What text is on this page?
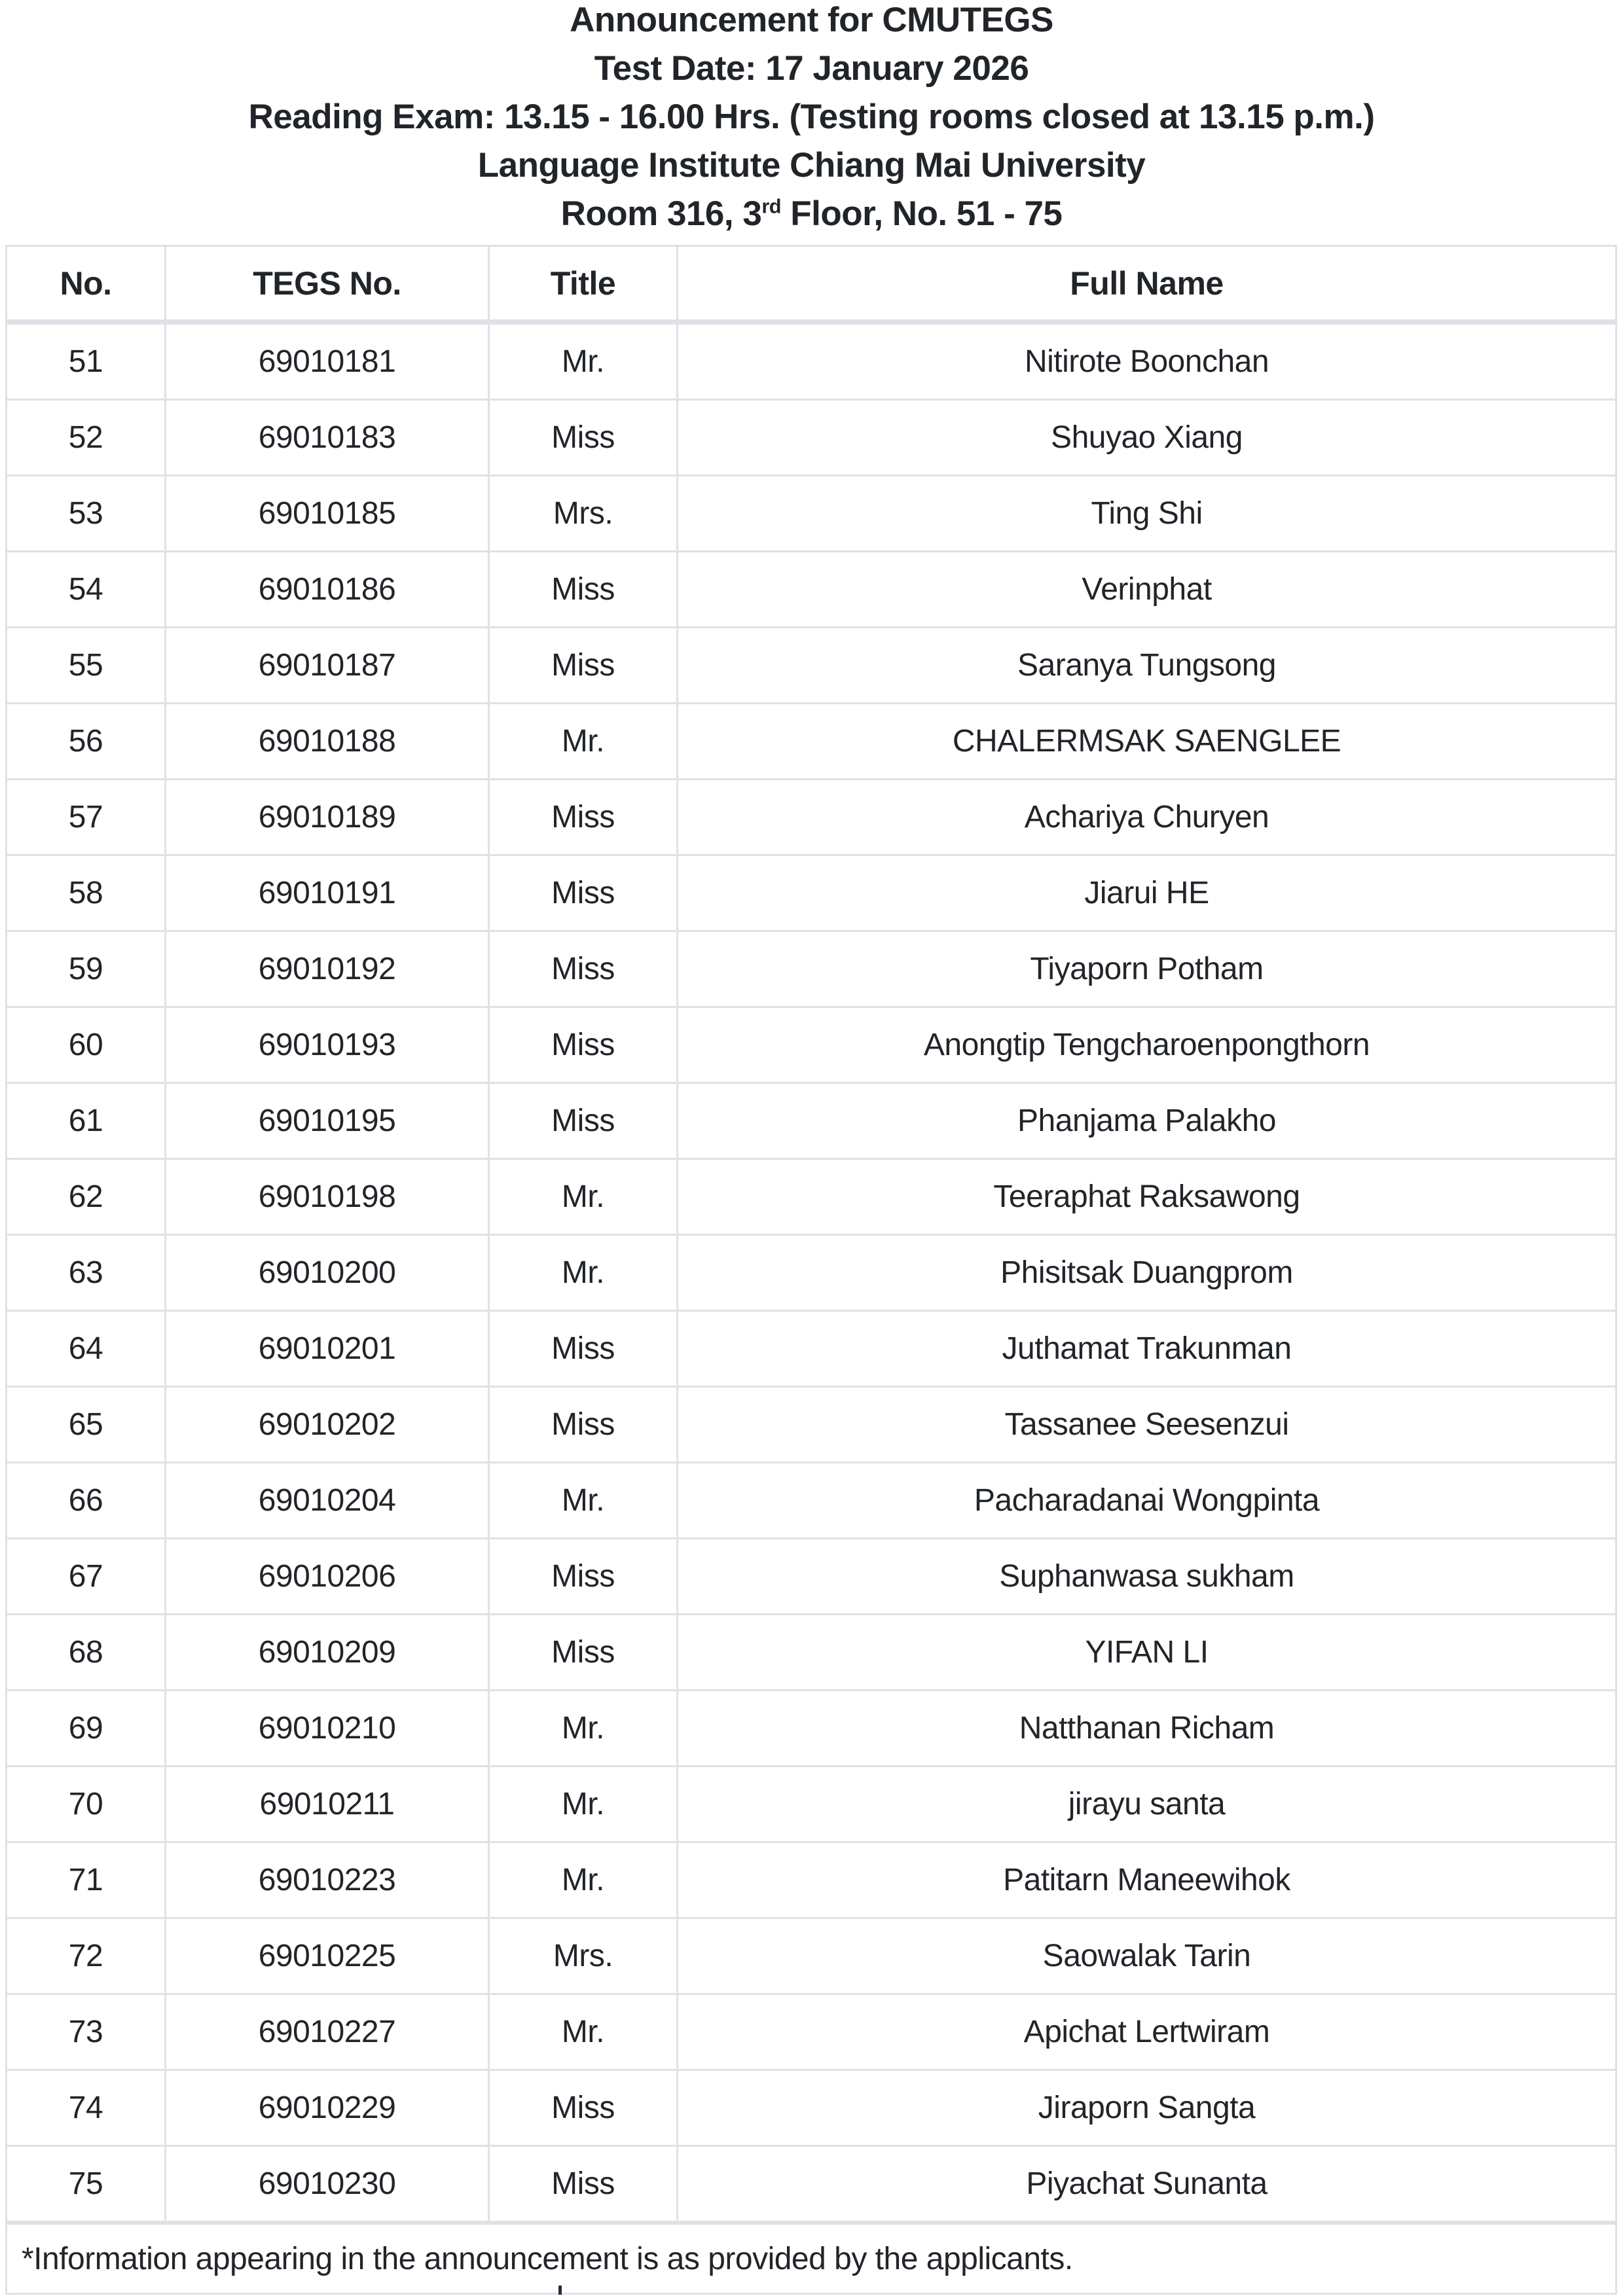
Announcement for CMUTEGS
Test Date: 17 January 2026
Reading Exam: 13.15 - 16.00 Hrs. (Testing rooms closed at 13.15 p.m.)
Language Institute Chiang Mai University
Room 316, 3rd Floor, No. 51 - 75
No.	TEGS No.	Title	Full Name
51	69010181	Mr.	Nitirote Boonchan
52	69010183	Miss	Shuyao Xiang
53	69010185	Mrs.	Ting Shi
54	69010186	Miss	Verinphat
55	69010187	Miss	Saranya Tungsong
56	69010188	Mr.	CHALERMSAK SAENGLEE
57	69010189	Miss	Achariya Churyen
58	69010191	Miss	Jiarui HE
59	69010192	Miss	Tiyaporn Potham
60	69010193	Miss	Anongtip Tengcharoenpongthorn
61	69010195	Miss	Phanjama Palakho
62	69010198	Mr.	Teeraphat Raksawong
63	69010200	Mr.	Phisitsak Duangprom
64	69010201	Miss	Juthamat Trakunman
65	69010202	Miss	Tassanee Seesenzui
66	69010204	Mr.	Pacharadanai Wongpinta
67	69010206	Miss	Suphanwasa sukham
68	69010209	Miss	YIFAN LI
69	69010210	Mr.	Natthanan Richam
70	69010211	Mr.	jirayu santa
71	69010223	Mr.	Patitarn Maneewihok
72	69010225	Mrs.	Saowalak Tarin
73	69010227	Mr.	Apichat Lertwiram
74	69010229	Miss	Jiraporn Sangta
75	69010230	Miss	Piyachat Sunanta
*Information appearing in the announcement is as provided by the applicants.			
